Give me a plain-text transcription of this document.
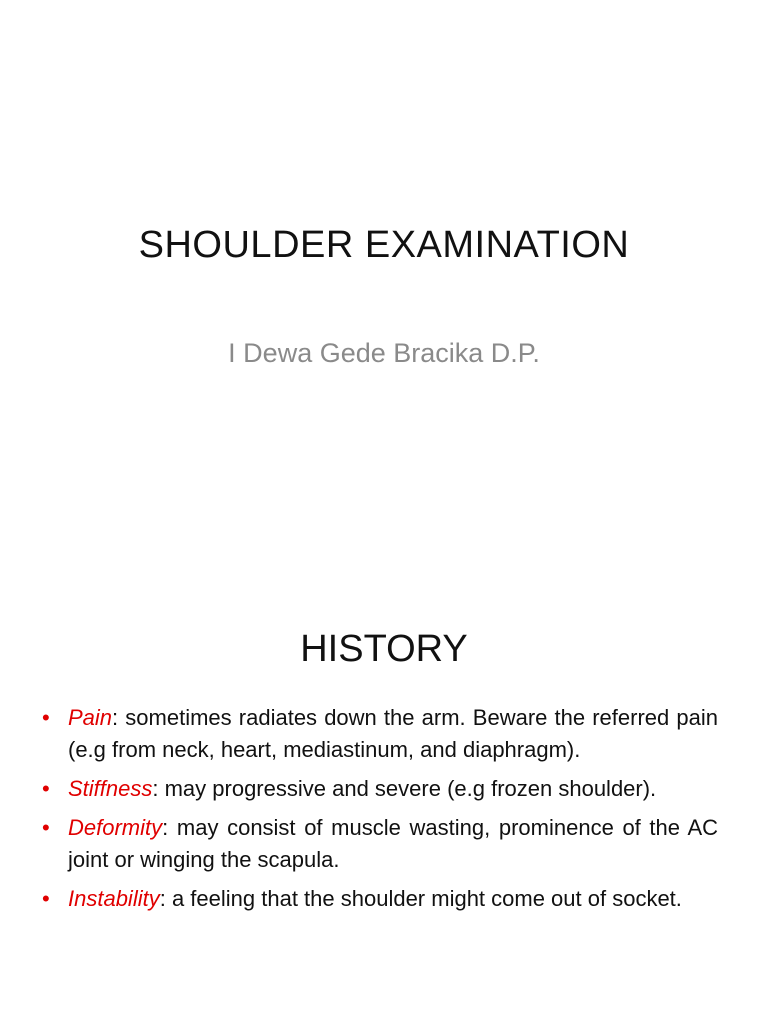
SHOULDER EXAMINATION

I Dewa Gede Bracika D.P.

HISTORY
• Pain: sometimes radiates down the arm. Beware the referred pain (e.g from neck, heart, mediastinum, and diaphragm).
• Stiffness: may progressive and severe (e.g frozen shoulder).
• Deformity: may consist of muscle wasting, prominence of the AC joint or winging the scapula.
• Instability: a feeling that the shoulder might come out of socket.
